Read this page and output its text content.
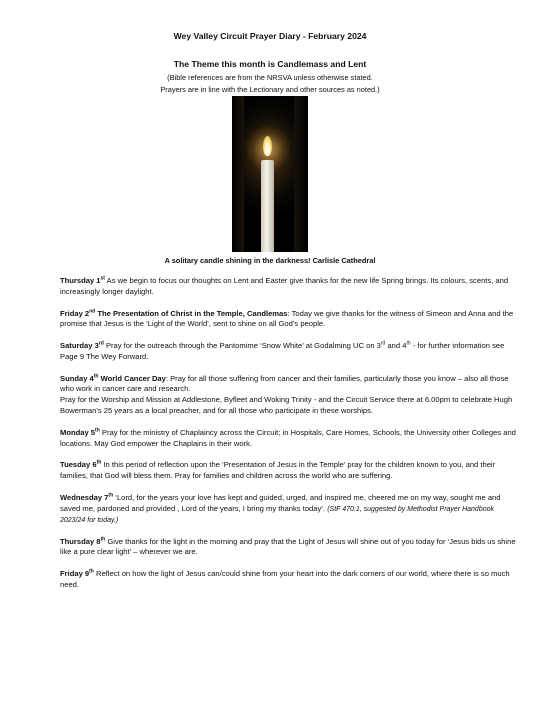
Wey Valley Circuit Prayer Diary - February 2024
The Theme this month is Candlemass and Lent
(Bible references are from the NRSVA unless otherwise stated.
Prayers are in line with the Lectionary and other sources as noted.)
A solitary candle shining in the darkness! Carlisle Cathedral

Thursday 1st As we begin to focus our thoughts on Lent and Easter give thanks for the new life Spring brings. Its colours, scents, and increasingly longer daylight.

Friday 2nd The Presentation of Christ in the Temple, Candlemas: Today we give thanks for the witness of Simeon and Anna and the promise that Jesus is the ‘Light of the World’, sent to shine on all God’s people.

Saturday 3rd Pray for the outreach through the Pantomime ‘Snow White’ at Godalming UC on 3rd and 4th - for further information see Page 9 The Wey Forward.

Sunday 4th World Cancer Day: Pray for all those suffering from cancer and their families, particularly those you know – also all those who work in cancer care and research.

Pray for the Worship and Mission at Addlestone, Byfleet and Woking Trinity - and the Circuit Service there at 6.00pm to celebrate Hugh Bowerman’s 25 years as a local preacher, and for all those who participate in these worships.

Monday 5th Pray for the ministry of Chaplaincy across the Circuit; in Hospitals, Care Homes, Schools, the University other Colleges and locations. May God empower the Chaplains in their work.

Tuesday 6th In this period of reflection upon the ‘Presentation of Jesus in the Temple’ pray for the children known to you, and their families, that God will bless them. Pray for families and children across the world who are suffering.

Wednesday 7th ‘Lord, for the years your love has kept and guided, urged, and inspired me, cheered me on my way, sought me and saved me, pardoned and provided , Lord of the years, I bring my thanks today’. (StF 470:1, suggested by Methodist Prayer Handbook 2023/24 for today.)

Thursday 8th Give thanks for the light in the morning and pray that the Light of Jesus will shine out of you today for ‘Jesus bids us shine like a pure clear light’ – wherever we are.

Friday 9th Reflect on how the light of Jesus can/could shine from your heart into the dark corners of our world, where there is so much need.
